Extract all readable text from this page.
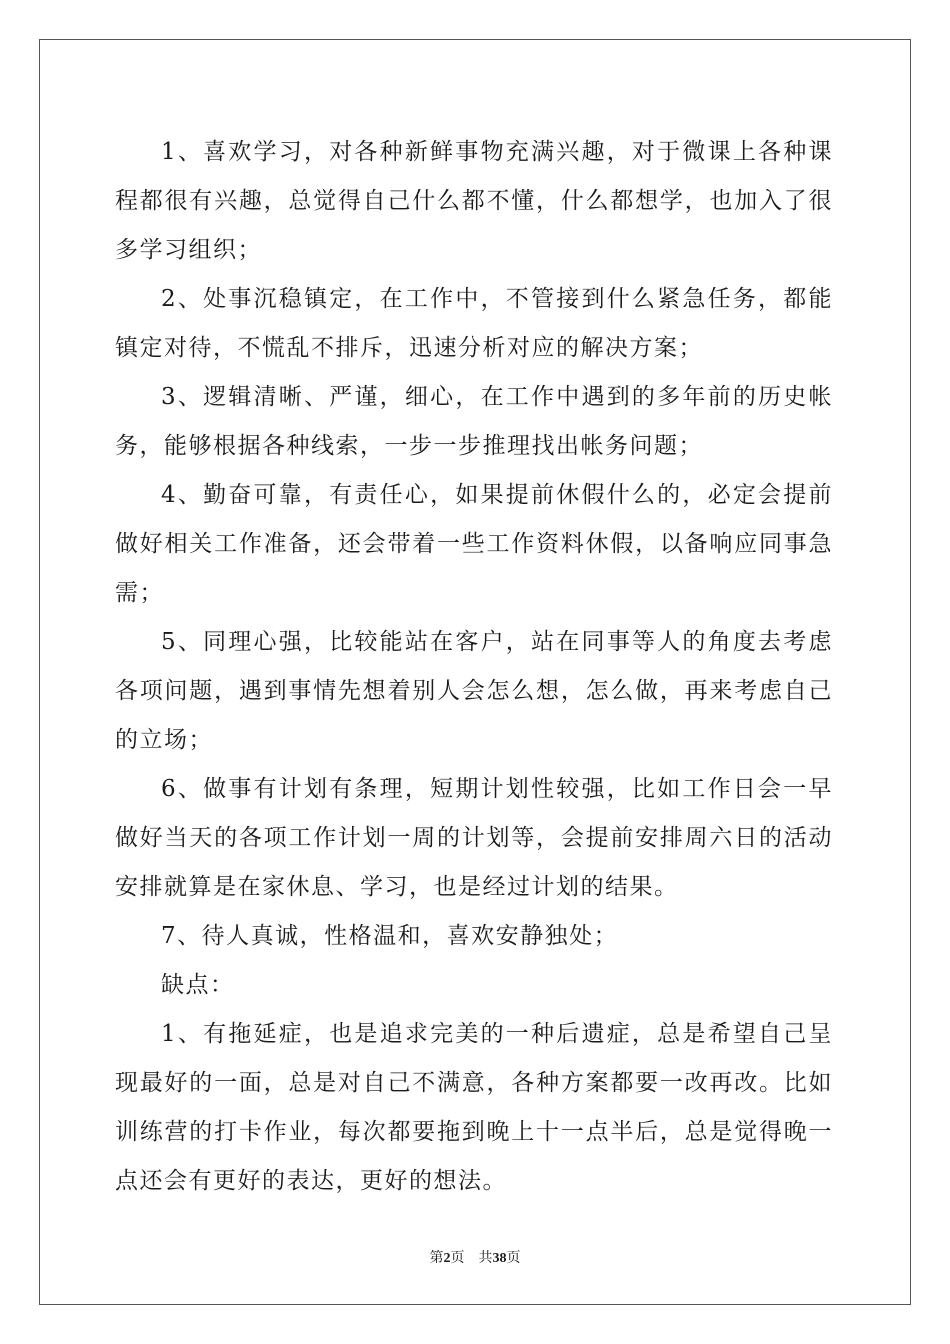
1、喜欢学习，对各种新鲜事物充满兴趣，对于微课上各种课程都很有兴趣，总觉得自己什么都不懂，什么都想学，也加入了很多学习组织；

2、处事沉稳镇定，在工作中，不管接到什么紧急任务，都能镇定对待，不慌乱不排斥，迅速分析对应的解决方案；

3、逻辑清晰、严谨，细心，在工作中遇到的多年前的历史帐务，能够根据各种线索，一步一步推理找出帐务问题；

4、勤奋可靠，有责任心，如果提前休假什么的，必定会提前做好相关工作准备，还会带着一些工作资料休假，以备响应同事急需；

5、同理心强，比较能站在客户，站在同事等人的角度去考虑各项问题，遇到事情先想着别人会怎么想，怎么做，再来考虑自己的立场；

6、做事有计划有条理，短期计划性较强，比如工作日会一早做好当天的各项工作计划一周的计划等，会提前安排周六日的活动安排就算是在家休息、学习，也是经过计划的结果。

7、待人真诚，性格温和，喜欢安静独处；

缺点：

1、有拖延症，也是追求完美的一种后遗症，总是希望自己呈现最好的一面，总是对自己不满意，各种方案都要一改再改。比如训练营的打卡作业，每次都要拖到晚上十一点半后，总是觉得晚一点还会有更好的表达，更好的想法。

第2页 共38页
